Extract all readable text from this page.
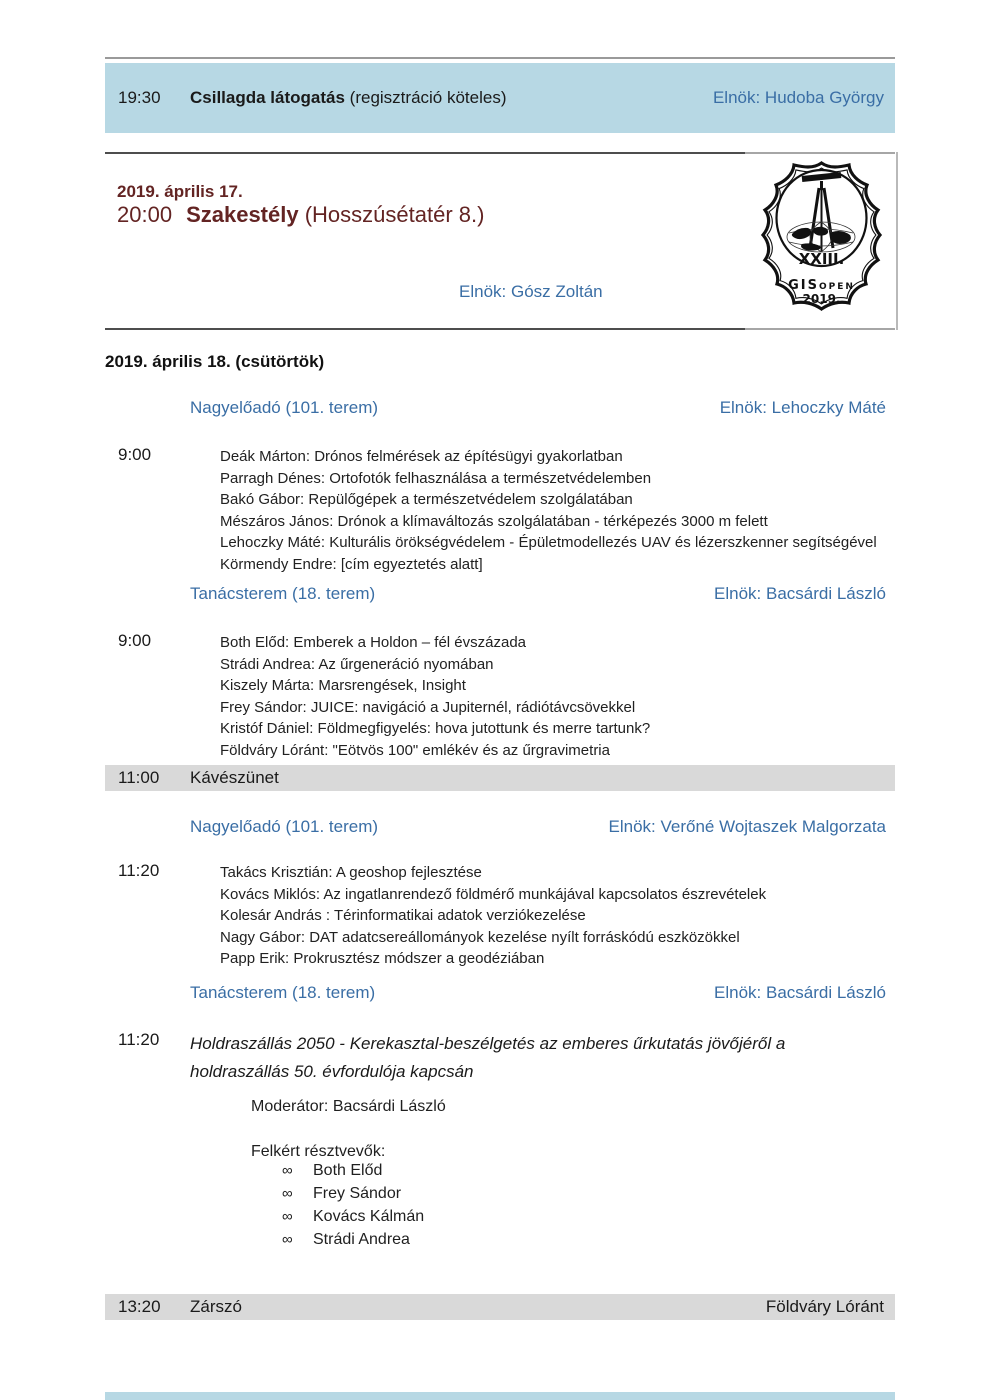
19:30 Csillagda látogatás (regisztráció köteles)	Elnök: Hudoba György
2019. április 17.
20:00 Szakestély (Hosszúsétatér 8.)
Elnök: Gósz Zoltán
XXIII.
GISopen
2019.
2019. április 18. (csütörtök)
Nagyelőadó (101. terem)	Elnök: Lehoczky Máté
9:00	Deák Márton: Drónos felmérések az építésügyi gyakorlatban
Parragh Dénes: Ortofotók felhasználása a természetvédelemben
Bakó Gábor: Repülőgépek a természetvédelem szolgálatában
Mészáros János: Drónok a klímaváltozás szolgálatában - térképezés 3000 m felett
Lehoczky Máté: Kulturális örökségvédelem - Épületmodellezés UAV és lézerszkenner segítségével
Körmendy Endre: [cím egyeztetés alatt]
Tanácsterem (18. terem)	Elnök: Bacsárdi László
9:00	Both Előd: Emberek a Holdon – fél évszázada
Strádi Andrea: Az űrgeneráció nyomában
Kiszely Márta: Marsrengések, Insight
Frey Sándor: JUICE: navigáció a Jupiternél, rádiótávcsövekkel
Kristóf Dániel: Földmegfigyelés: hova jutottunk és merre tartunk?
Földváry Lóránt: "Eötvös 100" emlékév és az űrgravimetria
11:00 Kávészünet
Nagyelőadó (101. terem)	Elnök: Verőné Wojtaszek Malgorzata
11:20	Takács Krisztián: A geoshop fejlesztése
Kovács Miklós: Az ingatlanrendező földmérő munkájával kapcsolatos észrevételek
Kolesár András : Térinformatikai adatok verziókezelése
Nagy Gábor: DAT adatcsereállományok kezelése nyílt forráskódú eszközökkel
Papp Erik: Prokrusztész módszer a geodéziában
Tanácsterem (18. terem)	Elnök: Bacsárdi László
11:20 Holdraszállás 2050 - Kerekasztal-beszélgetés az emberes űrkutatás jövőjéről a
holdraszállás 50. évfordulója kapcsán
Moderátor: Bacsárdi László
Felkért résztvevők:
∞	Both Előd
∞	Frey Sándor
∞	Kovács Kálmán
∞	Strádi Andrea
13:20 Zárszó	Földváry Lóránt
